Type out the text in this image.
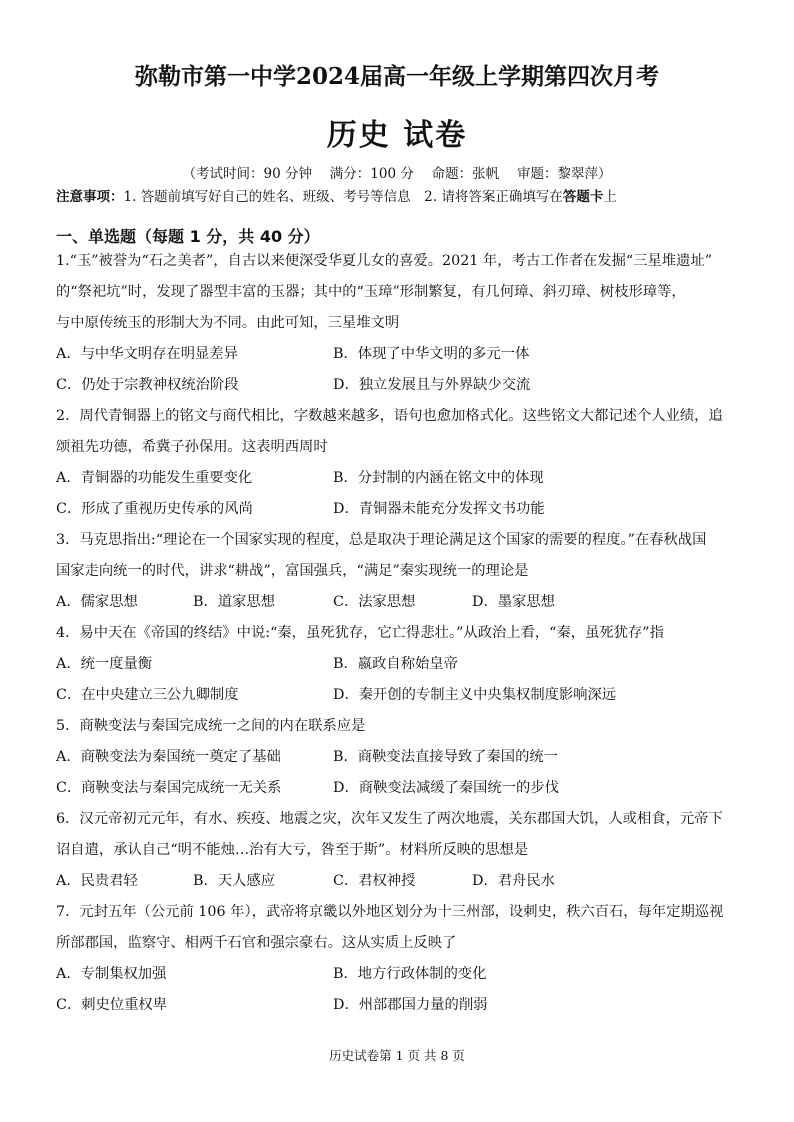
弥勒市第一中学2024届高一年级上学期第四次月考
历史 试卷
（考试时间：90 分钟　 满分：100 分　 命题：张帆　 审题：黎翠萍）
注意事项：1. 答题前填写好自己的姓名、班级、考号等信息　2. 请将答案正确填写在答题卡上
一、单选题（每题 1 分，共 40 分）
1.“玉”被誉为“石之美者”，自古以来便深受华夏儿女的喜爱。2021 年，考古工作者在发掘“三星堆遗址”
的“祭祀坑”时，发现了器型丰富的玉器；其中的“玉璋”形制繁复，有几何璋、斜刃璋、树枝形璋等，
与中原传统玉的形制大为不同。由此可知，三星堆文明
A．与中华文明存在明显差异	B．体现了中华文明的多元一体
C．仍处于宗教神权统治阶段	D．独立发展且与外界缺少交流
2．周代青铜器上的铭文与商代相比，字数越来越多，语句也愈加格式化。这些铭文大都记述个人业绩，追
颂祖先功德，希冀子孙保用。这表明西周时
A．青铜器的功能发生重要变化	B．分封制的内涵在铭文中的体现
C．形成了重视历史传承的风尚	D．青铜器未能充分发挥文书功能
3．马克思指出:“理论在一个国家实现的程度，总是取决于理论满足这个国家的需要的程度。”在春秋战国
国家走向统一的时代，讲求“耕战”，富国强兵，“满足”秦实现统一的理论是
A．儒家思想	B．道家思想	C．法家思想	D．墨家思想
4．易中天在《帝国的终结》中说:“秦，虽死犹存，它亡得悲壮。”从政治上看，“秦，虽死犹存”指
A．统一度量衡	B．嬴政自称始皇帝
C．在中央建立三公九卿制度	D．秦开创的专制主义中央集权制度影响深远
5．商鞅变法与秦国完成统一之间的内在联系应是
A．商鞅变法为秦国统一奠定了基础	B．商鞅变法直接导致了秦国的统一
C．商鞅变法与秦国完成统一无关系	D．商鞅变法减缓了秦国统一的步伐
6．汉元帝初元元年，有水、疾疫、地震之灾，次年又发生了两次地震，关东郡国大饥，人或相食，元帝下
诏自遣，承认自己“明不能烛…治有大亏，咎至于斯”。材料所反映的思想是
A．民贵君轻	B．天人感应	C．君权神授	D．君舟民水
7．元封五年（公元前 106 年），武帝将京畿以外地区划分为十三州部，设刺史，秩六百石，每年定期巡视
所部郡国，监察守、相两千石官和强宗豪右。这从实质上反映了
A．专制集权加强	B．地方行政体制的变化
C．刺史位重权卑	D．州部郡国力量的削弱
历史试卷第 1 页 共 8 页
